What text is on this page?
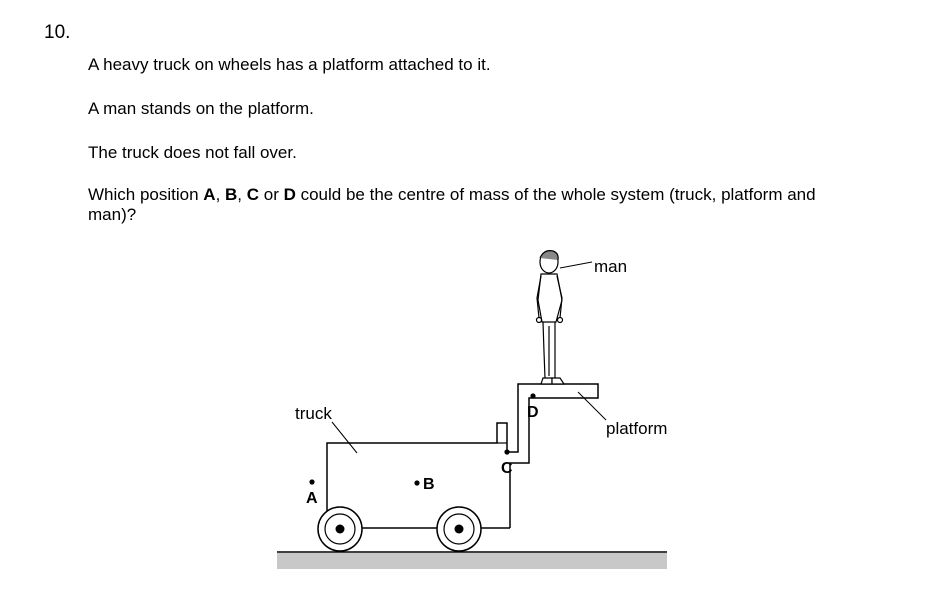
10.
A heavy truck on wheels has a platform attached to it.
A man stands on the platform.
The truck does not fall over.
Which position A, B, C or D could be the centre of mass of the whole system (truck, platform and
man)?
man
truck
platform
A
B
C
D
